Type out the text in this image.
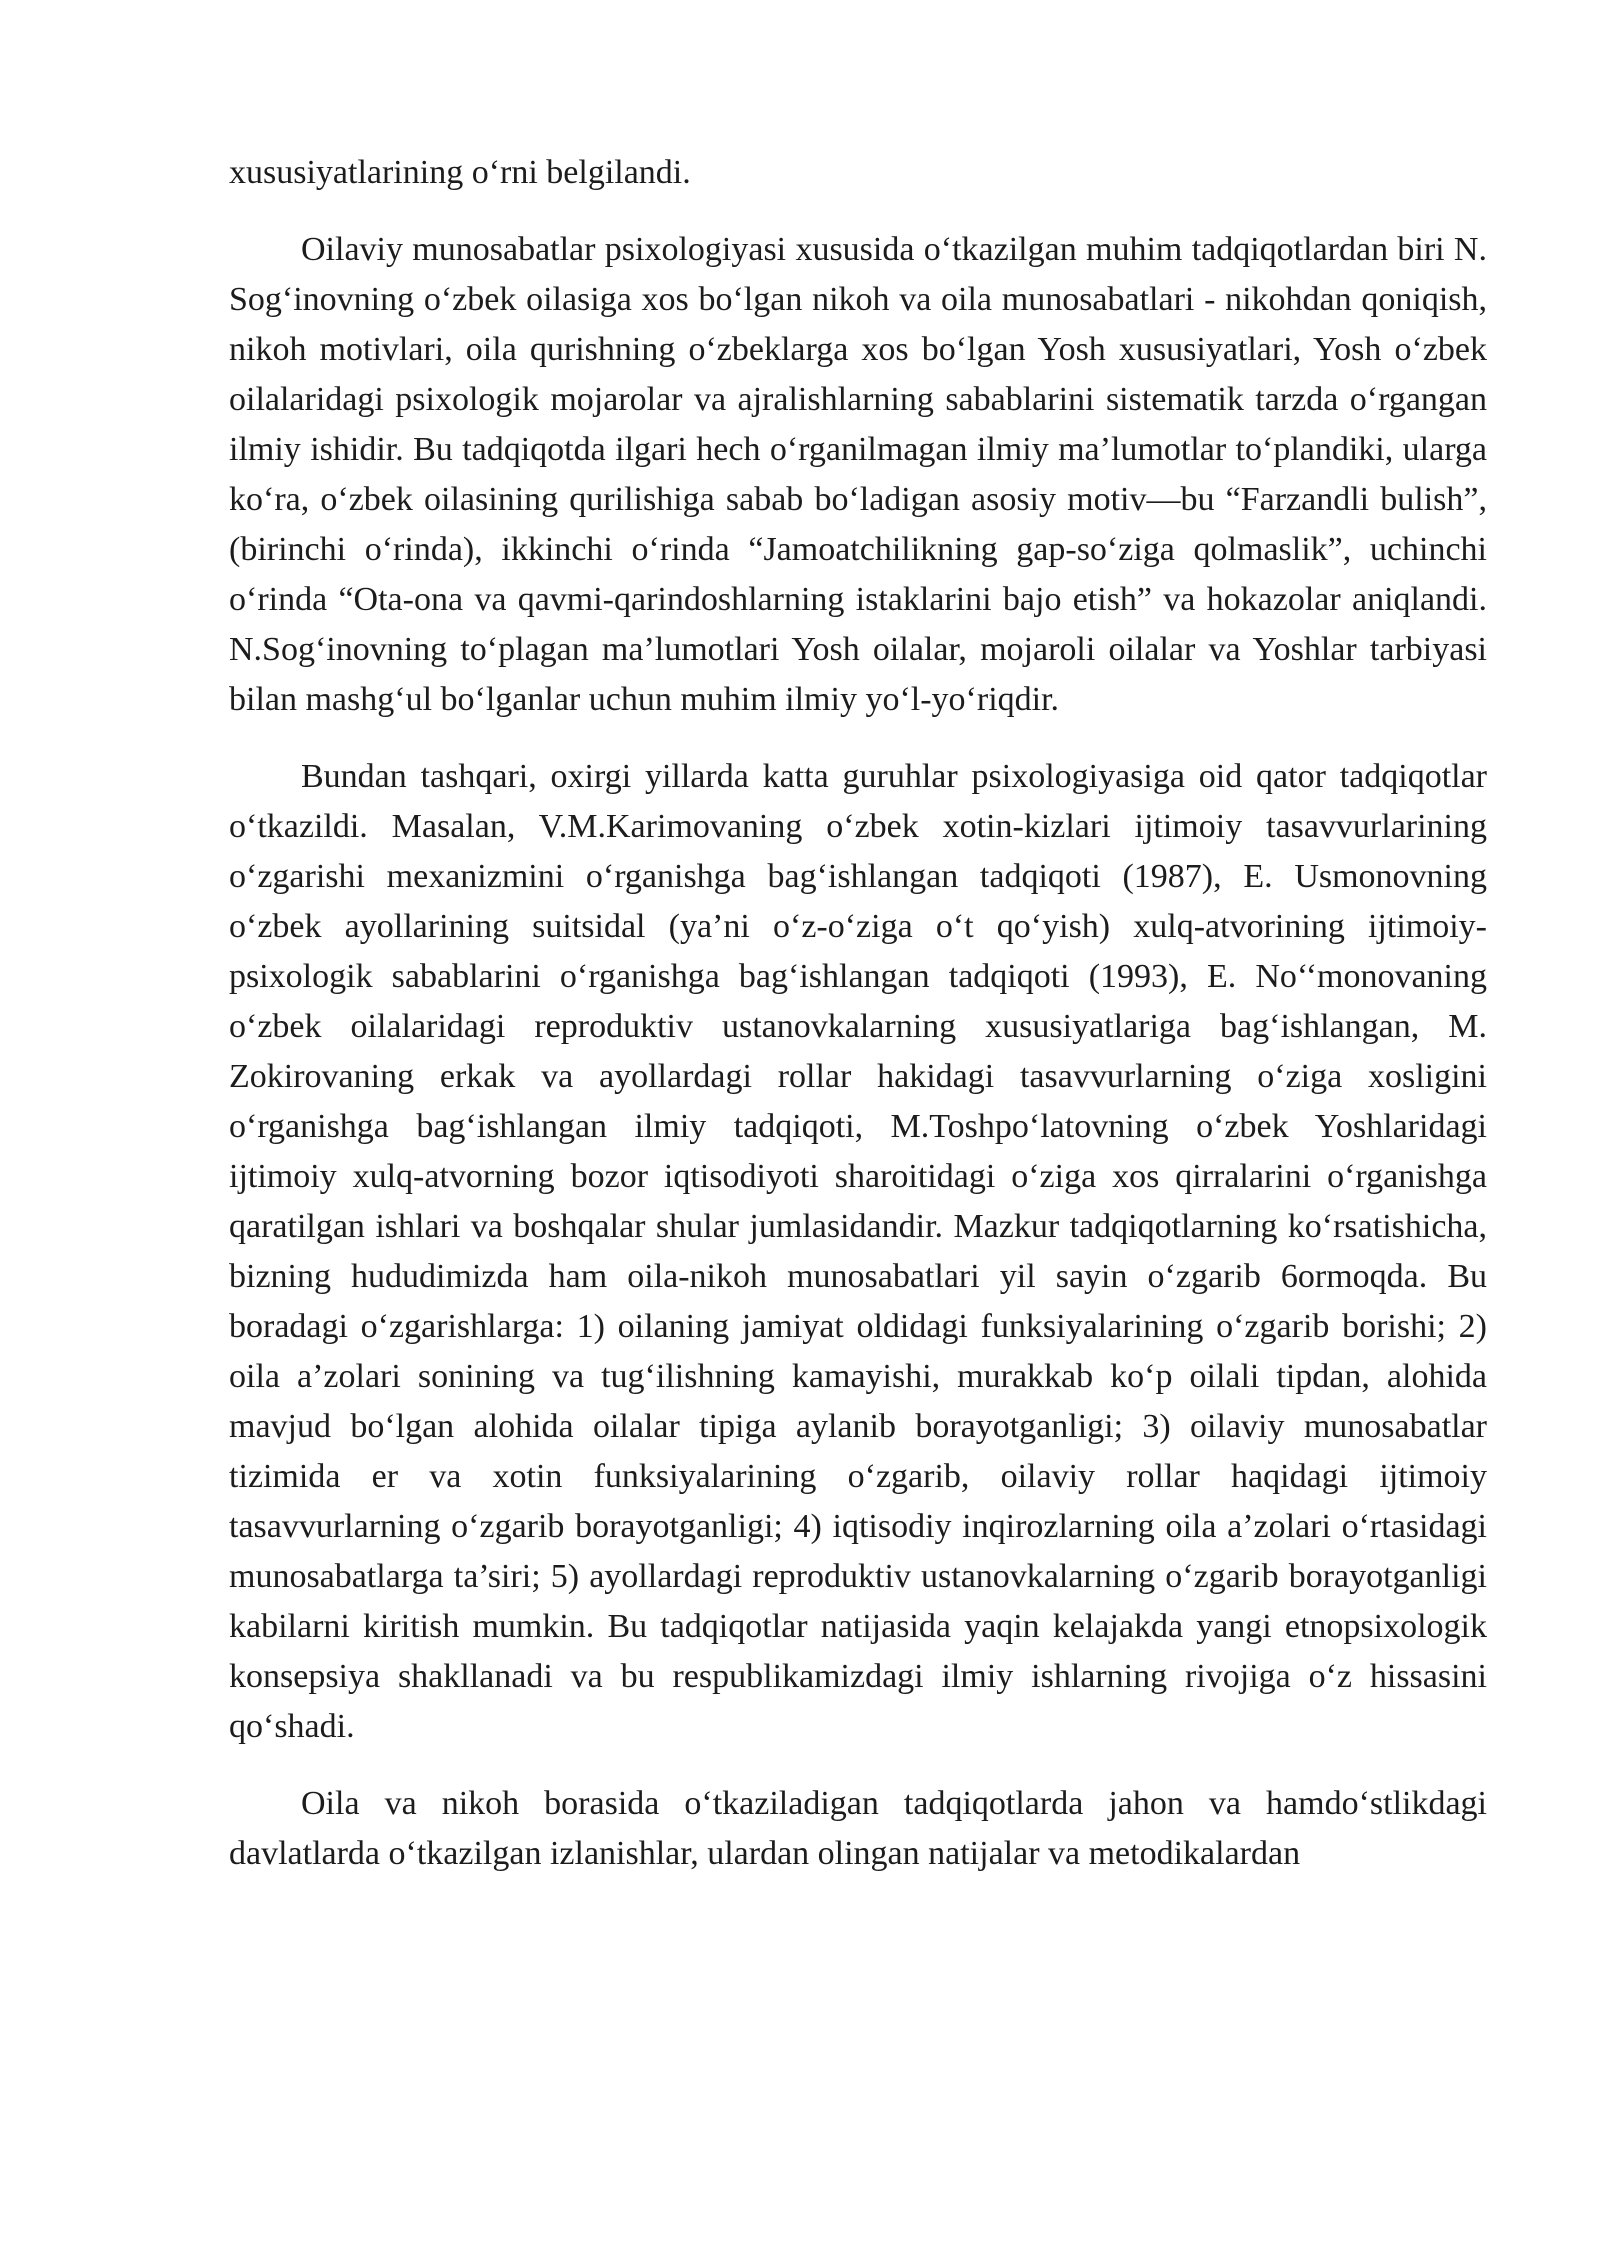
xususiyatlarining o‘rni belgilandi.

Oilaviy munosabatlar psixologiyasi xususida o‘tkazilgan muhim tadqiqotlardan biri N. Sog‘inovning o‘zbek oilasiga xos bo‘lgan nikoh va oila munosabatlari - nikohdan qoniqish, nikoh motivlari, oila qurishning o‘zbeklarga xos bo‘lgan Yosh xususiyatlari, Yosh o‘zbek oilalaridagi psixologik mojarolar va ajralishlarning sabablarini sistematik tarzda o‘rgangan ilmiy ishidir. Bu tadqiqotda ilgari hech o‘rganilmagan ilmiy ma’lumotlar to‘plandiki, ularga ko‘ra, o‘zbek oilasining qurilishiga sabab bo‘ladigan asosiy motiv—bu “Farzandli bulish”, (birinchi o‘rinda), ikkinchi o‘rinda “Jamoatchilikning gap-so‘ziga qolmaslik”, uchinchi o‘rinda “Ota-ona va qavmi-qarindoshlarning istaklarini bajo etish” va hokazolar aniqlandi. N.Sog‘inovning to‘plagan ma’lumotlari Yosh oilalar, mojaroli oilalar va Yoshlar tarbiyasi bilan mashg‘ul bo‘lganlar uchun muhim ilmiy yo‘l-yo‘riqdir.

Bundan tashqari, oxirgi yillarda katta guruhlar psixologiyasiga oid qator tadqiqotlar o‘tkazildi. Masalan, V.M.Karimovaning o‘zbek xotin-kizlari ijtimoiy tasavvurlarining o‘zgarishi mexanizmini o‘rganishga bag‘ishlangan tadqiqoti (1987), E. Usmonovning o‘zbek ayollarining suitsidal (ya’ni o‘z-o‘ziga o‘t qo‘yish) xulq-atvorining ijtimoiy-psixologik sabablarini o‘rganishga bag‘ishlangan tadqiqoti (1993), E. No‘‘monovaning o‘zbek oilalaridagi reproduktiv ustanovkalarning xususiyatlariga bag‘ishlangan, M. Zokirovaning erkak va ayollardagi rollar hakidagi tasavvurlarning o‘ziga xosligini o‘rganishga bag‘ishlangan ilmiy tadqiqoti, M.Toshpo‘latovning o‘zbek Yoshlaridagi ijtimoiy xulq-atvorning bozor iqtisodiyoti sharoitidagi o‘ziga xos qirralarini o‘rganishga qaratilgan ishlari va boshqalar shular jumlasidandir. Mazkur tadqiqotlarning ko‘rsatishicha, bizning hududimizda ham oila-nikoh munosabatlari yil sayin o‘zgarib 6ormoqda. Bu boradagi o‘zgarishlarga: 1) oilaning jamiyat oldidagi funksiyalarining o‘zgarib borishi; 2) oila a’zolari sonining va tug‘ilishning kamayishi, murakkab ko‘p oilali tipdan, alohida mavjud bo‘lgan alohida oilalar tipiga aylanib borayotganligi; 3) oilaviy munosabatlar tizimida er va xotin funksiyalarining o‘zgarib, oilaviy rollar haqidagi ijtimoiy tasavvurlarning o‘zgarib borayotganligi; 4) iqtisodiy inqirozlarning oila a’zolari o‘rtasidagi munosabatlarga ta’siri; 5) ayollardagi reproduktiv ustanovkalarning o‘zgarib borayotganligi kabilarni kiritish mumkin. Bu tadqiqotlar natijasida yaqin kelajakda yangi etnopsixologik konsepsiya shakllanadi va bu respublikamizdagi ilmiy ishlarning rivojiga o‘z hissasini qo‘shadi.

Oila va nikoh borasida o‘tkaziladigan tadqiqotlarda jahon va hamdo‘stlikdagi davlatlarda o‘tkazilgan izlanishlar, ulardan olingan natijalar va metodikalardan
